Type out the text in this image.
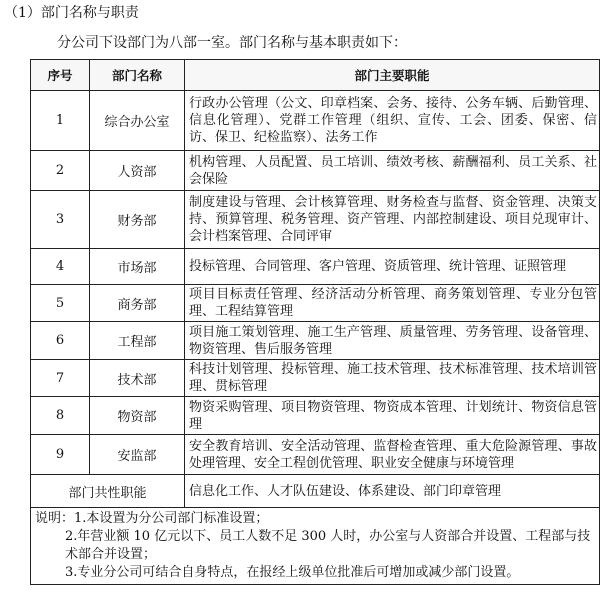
（1）部门名称与职责
分公司下设部门为八部一室。部门名称与基本职责如下：
序号	部门名称	部门主要职能
1	综合办公室	行政办公管理（公文、印章档案、会务、接待、公务车辆、后勤管理、信息化管理）、党群工作管理（组织、宣传、工会、团委、保密、信访、保卫、纪检监察）、法务工作
2	人资部	机构管理、人员配置、员工培训、绩效考核、薪酬福利、员工关系、社会保险
3	财务部	制度建设与管理、会计核算管理、财务检查与监督、资金管理、决策支持、预算管理、税务管理、资产管理、内部控制建设、项目兑现审计、会计档案管理、合同评审
4	市场部	投标管理、合同管理、客户管理、资质管理、统计管理、证照管理
5	商务部	项目目标责任管理、经济活动分析管理、商务策划管理、专业分包管理、工程结算管理
6	工程部	项目施工策划管理、施工生产管理、质量管理、劳务管理、设备管理、物资管理、售后服务管理
7	技术部	科技计划管理、投标管理、施工技术管理、技术标准管理、技术培训管理、贯标管理
8	物资部	物资采购管理、项目物资管理、物资成本管理、计划统计、物资信息管理
9	安监部	安全教育培训、安全活动管理、监督检查管理、重大危险源管理、事故处理管理、安全工程创优管理、职业安全健康与环境管理
部门共性职能		信息化工作、人才队伍建设、体系建设、部门印章管理

说明：1.本设置为分公司部门标准设置；
2.年营业额 10 亿元以下、员工人数不足 300 人时，办公室与人资部合并设置、工程部与技术部合并设置；
3.专业分公司可结合自身特点，在报经上级单位批准后可增加或减少部门设置。		
